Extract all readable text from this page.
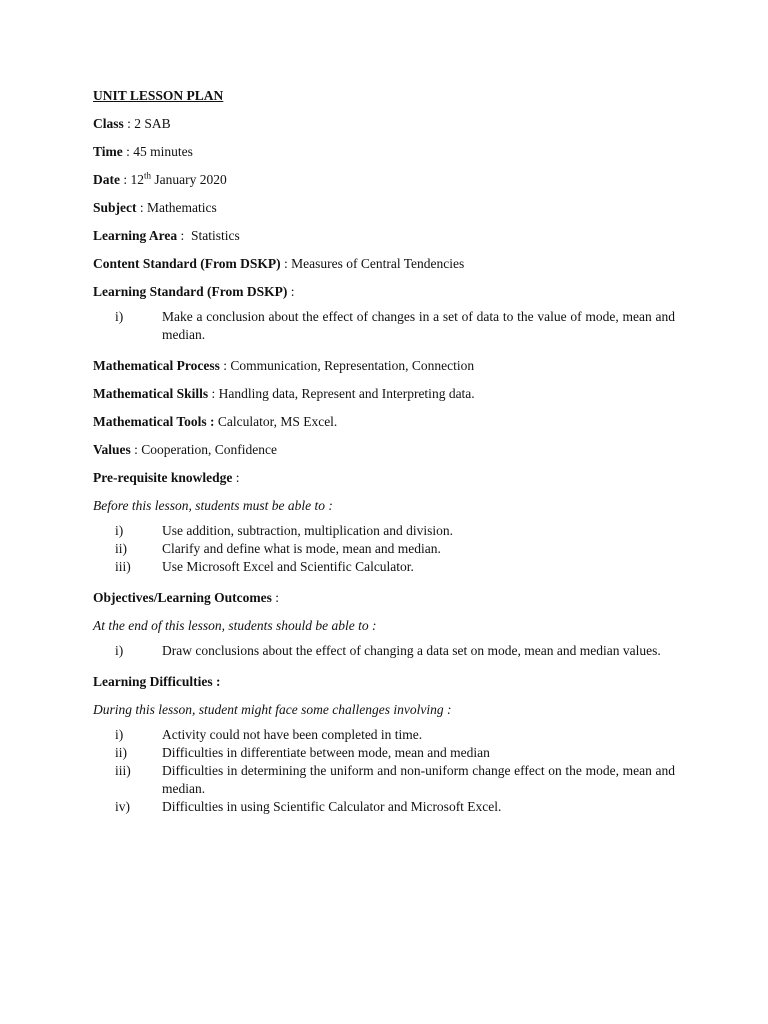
UNIT LESSON PLAN

Class : 2 SAB

Time : 45 minutes

Date : 12th January 2020

Subject : Mathematics

Learning Area :  Statistics

Content Standard (From DSKP) : Measures of Central Tendencies

Learning Standard (From DSKP) :

i)	Make a conclusion about the effect of changes in a set of data to the value of mode, mean and median.

Mathematical Process : Communication, Representation, Connection

Mathematical Skills : Handling data, Represent and Interpreting data.

Mathematical Tools : Calculator, MS Excel.

Values : Cooperation, Confidence

Pre-requisite knowledge :

Before this lesson, students must be able to :

i)	Use addition, subtraction, multiplication and division.
ii)	Clarify and define what is mode, mean and median.
iii) Use Microsoft Excel and Scientific Calculator.

Objectives/Learning Outcomes :

At the end of this lesson, students should be able to :

i)	Draw conclusions about the effect of changing a data set on mode, mean and median values.

Learning Difficulties :

During this lesson, student might face some challenges involving :

i)	Activity could not have been completed in time.
ii)	Difficulties in differentiate between mode, mean and median
iii) Difficulties in determining the uniform and non-uniform change effect on the mode, mean and median.
iv) Difficulties in using Scientific Calculator and Microsoft Excel.
